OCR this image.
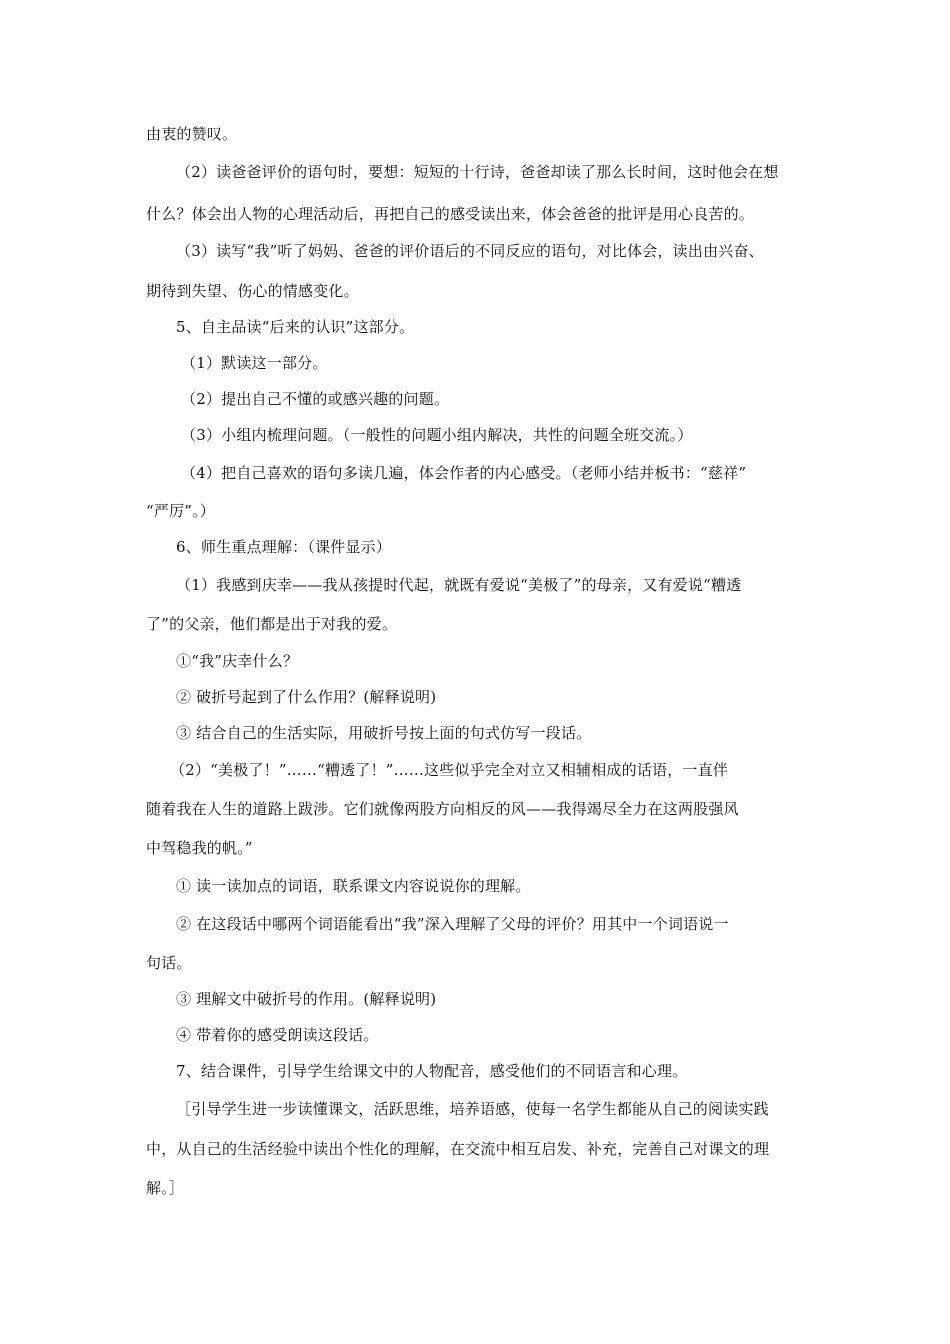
由衷的赞叹。
（2）读爸爸评价的语句时，要想：短短的十行诗，爸爸却读了那么长时间，这时他会在想
什么？体会出人物的心理活动后，再把自己的感受读出来，体会爸爸的批评是用心良苦的。
（3）读写“我”听了妈妈、爸爸的评价语后的不同反应的语句，对比体会，读出由兴奋、
期待到失望、伤心的情感变化。
5、自主品读“后来的认识”这部分。
（1）默读这一部分。
（2）提出自己不懂的或感兴趣的问题。
（3）小组内梳理问题。（一般性的问题小组内解决，共性的问题全班交流。）
（4）把自己喜欢的语句多读几遍，体会作者的内心感受。（老师小结并板书：“慈祥”
“严厉”。）
6、师生重点理解：（课件显示）
（1）我感到庆幸——我从孩提时代起，就既有爱说“美极了”的母亲，又有爱说“糟透
了”的父亲，他们都是出于对我的爱。
①“我”庆幸什么？
② 破折号起到了什么作用？(解释说明)
③ 结合自己的生活实际，用破折号按上面的句式仿写一段话。
（2）“美极了！”……“糟透了！”……这些似乎完全对立又相辅相成的话语，一直伴
随着我在人生的道路上跋涉。它们就像两股方向相反的风——我得竭尽全力在这两股强风
中驾稳我的帆。”
① 读一读加点的词语，联系课文内容说说你的理解。
② 在这段话中哪两个词语能看出“我”深入理解了父母的评价？用其中一个词语说一
句话。
③ 理解文中破折号的作用。(解释说明)
④ 带着你的感受朗读这段话。
7、结合课件，引导学生给课文中的人物配音，感受他们的不同语言和心理。
［引导学生进一步读懂课文，活跃思维，培养语感，使每一名学生都能从自己的阅读实践
中，从自己的生活经验中读出个性化的理解，在交流中相互启发、补充，完善自己对课文的理
解。］
